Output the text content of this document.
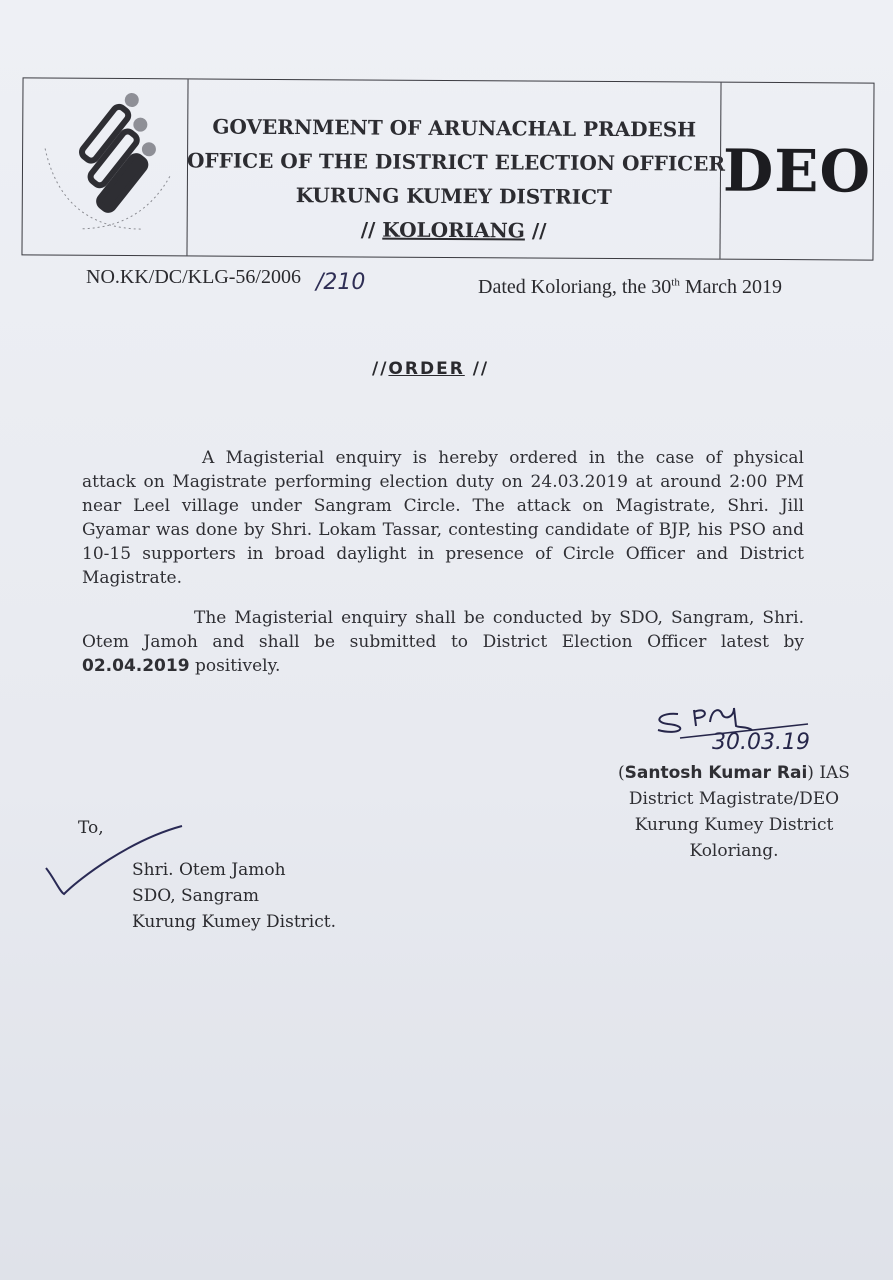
GOVERNMENT OF ARUNACHAL PRADESH
OFFICE OF THE DISTRICT ELECTION OFFICER
KURUNG KUMEY DISTRICT
// KOLORIANG //
DEO
NO.KK/DC/KLG-56/2006 /210	Dated Koloriang, the 30th March 2019
//ORDER //
A Magisterial enquiry is hereby ordered in the case of physical attack on Magistrate performing election duty on 24.03.2019 at around 2:00 PM near Leel village under Sangram Circle. The attack on Magistrate, Shri. Jill Gyamar was done by Shri. Lokam Tassar, contesting candidate of BJP, his PSO and 10-15 supporters in broad daylight in presence of Circle Officer and District Magistrate.
The Magisterial enquiry shall be conducted by SDO, Sangram, Shri. Otem Jamoh and shall be submitted to District Election Officer latest by 02.04.2019 positively.
30.03.19
(Santosh Kumar Rai) IAS
District Magistrate/DEO
Kurung Kumey District
Koloriang.
To,
Shri. Otem Jamoh
SDO, Sangram
Kurung Kumey District.
